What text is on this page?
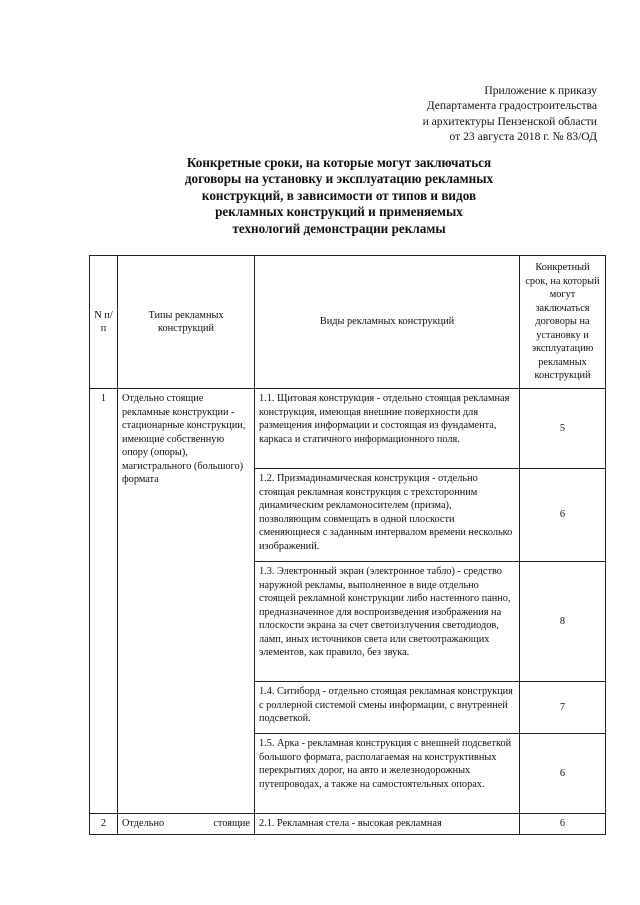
Приложение к приказу
Департамента градостроительства
и архитектуры Пензенской области
от 23 августа 2018 г. № 83/ОД
Конкретные сроки, на которые могут заключаться
договоры на установку и эксплуатацию рекламных
конструкций, в зависимости от типов и видов
рекламных конструкций и применяемых
технологий демонстрации рекламы
N п/п	Типы рекламных конструкций	Виды рекламных конструкций	Конкретный срок, на который могут заключаться договоры на установку и эксплуатацию рекламных конструкций
1	Отдельно стоящие рекламные конструкции - стационарные конструкции, имеющие собственную опору (опоры), магистрального (большого) формата	1.1. Щитовая конструкция - отдельно стоящая рекламная конструкция, имеющая внешние поверхности для размещения информации и состоящая из фундамента, каркаса и статичного информационного поля.	5
		1.2. Призмадинамическая конструкция - отдельно стоящая рекламная конструкция с трехсторонним динамическим рекламоносителем (призма), позволяющим совмещать в одной плоскости сменяющиеся с заданным интервалом времени несколько изображений.	6
		1.3. Электронный экран (электронное табло) - средство наружной рекламы, выполненное в виде отдельно стоящей рекламной конструкции либо настенного панно, предназначенное для воспроизведения изображения на плоскости экрана за счет светоизлучения светодиодов, ламп, иных источников света или светоотражающих элементов, как правило, без звука.	8
		1.4. Ситиборд - отдельно стоящая рекламная конструкция с роллерной системой смены информации, с внутренней подсветкой.	7
		1.5. Арка - рекламная конструкция с внешней подсветкой большого формата, располагаемая на конструктивных перекрытиях дорог, на авто и железнодорожных путепроводах, а также на самостоятельных опорах.	6
2	Отдельно стоящие	2.1. Рекламная стела - высокая рекламная	6
